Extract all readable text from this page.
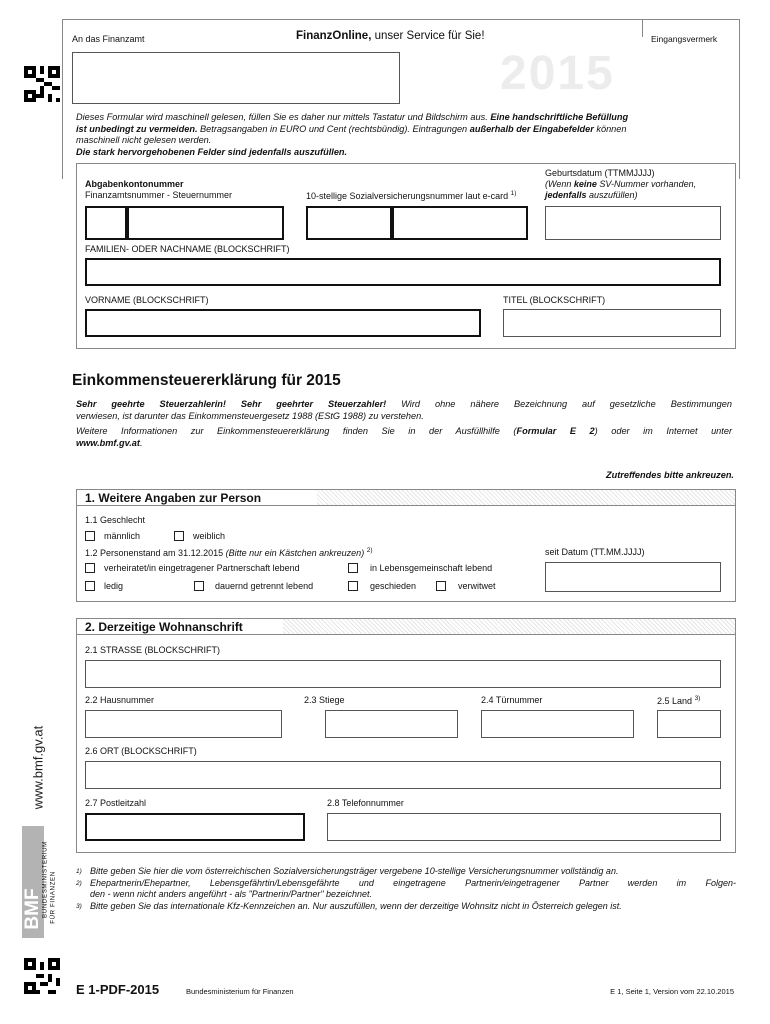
An das Finanzamt	FinanzOnline, unser Service für Sie!	Eingangsvermerk
2015
Dieses Formular wird maschinell gelesen, füllen Sie es daher nur mittels Tastatur und Bildschirm aus. Eine handschriftliche Befüllung
ist unbedingt zu vermeiden. Betragsangaben in EURO und Cent (rechtsbündig). Eintragungen außerhalb der Eingabefelder können
maschinell nicht gelesen werden.
Die stark hervorgehobenen Felder sind jedenfalls auszufüllen.
Abgabenkontonummer
Finanzamtsnummer - Steuernummer	10-stellige Sozialversicherungsnummer laut e-card $^{1)}$
Geburtsdatum (TTMMJJJJ)
(Wenn keine SV-Nummer vorhanden,
jedenfalls auszufüllen)
FAMILIEN- ODER NACHNAME (BLOCKSCHRIFT)
VORNAME (BLOCKSCHRIFT)	TITEL (BLOCKSCHRIFT)
Einkommensteuererklärung für 2015
Sehr geehrte Steuerzahlerin! Sehr geehrter Steuerzahler! Wird ohne nähere Bezeichnung auf gesetzliche Bestimmungen
verwiesen, ist darunter das Einkommensteuergesetz 1988 (EStG 1988) zu verstehen.
Weitere Informationen zur Einkommensteuererklärung finden Sie in der Ausfüllhilfe (Formular E 2) oder im Internet unter
www.bmf.gv.at.
Zutreffendes bitte ankreuzen.
1. Weitere Angaben zur Person
1.1 Geschlecht
männlich	weiblich
1.2 Personenstand am 31.12.2015 (Bitte nur ein Kästchen ankreuzen) $^{2)}$	seit Datum (TT.MM.JJJJ)
verheiratet/in eingetragener Partnerschaft lebend	in Lebensgemeinschaft lebend
ledig	dauernd getrennt lebend	geschieden	verwitwet
2. Derzeitige Wohnanschrift
2.1 STRASSE (BLOCKSCHRIFT)
2.2 Hausnummer	2.3 Stiege	2.4 Türnummer	2.5 Land $^{3)}$
2.6 ORT (BLOCKSCHRIFT)
2.7 Postleitzahl	2.8 Telefonnummer
1) Bitte geben Sie hier die vom österreichischen Sozialversicherungsträger vergebene 10-stellige Versicherungsnummer vollständig an.
2) Ehepartnerin/Ehepartner, Lebensgefährtin/Lebensgefährte und eingetragene Partnerin/eingetragener Partner werden im Folgen-
den - wenn nicht anders angeführt - als "Partnerin/Partner" bezeichnet.
3) Bitte geben Sie das internationale Kfz-Kennzeichen an. Nur auszufüllen, wenn der derzeitige Wohnsitz nicht in Österreich gelegen ist.
www.bmf.gv.at
BMF
BUNDESMINISTERIUM FÜR FINANZEN
E 1-PDF-2015	Bundesministerium für Finanzen	E 1, Seite 1, Version vom 22.10.2015
